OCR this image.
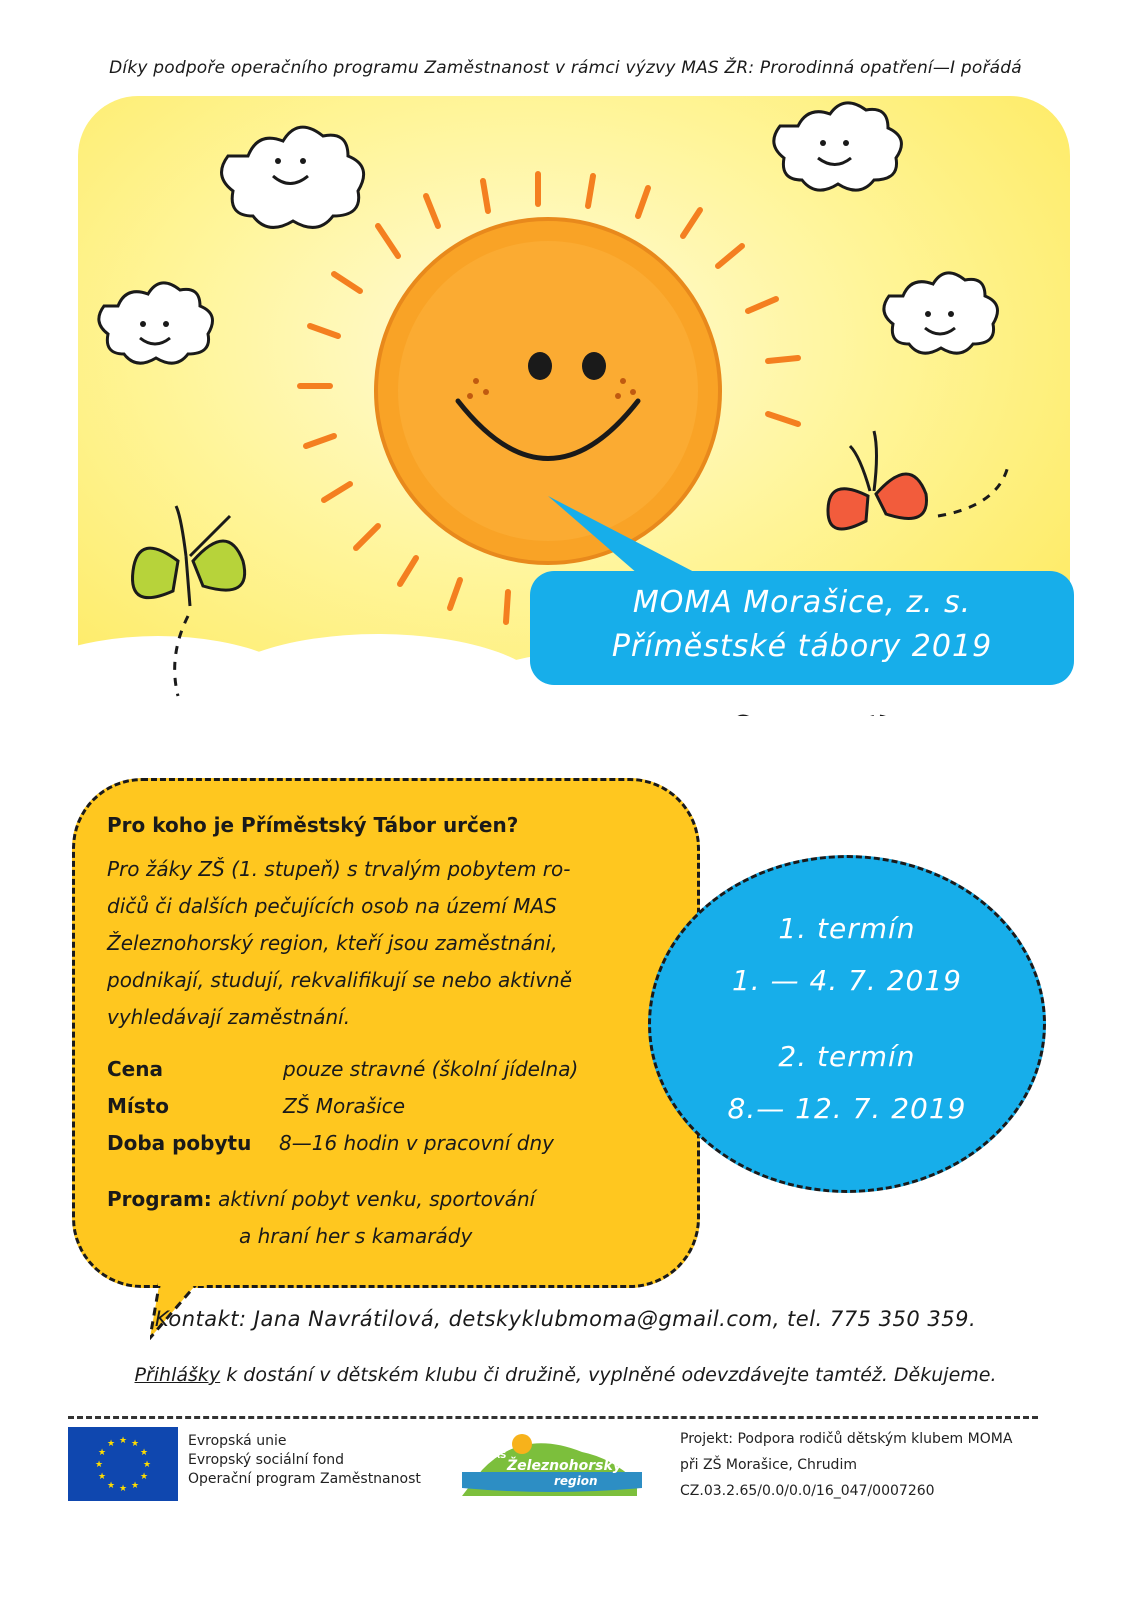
Díky podpoře operačního programu Zaměstnanost v rámci výzvy MAS ŽR: Prorodinná opatření—I pořádá
MOMA Morašice, z. s.
Příměstské tábory 2019
Pro koho je Příměstský Tábor určen?
Pro žáky ZŠ (1. stupeň) s trvalým pobytem ro-
dičů či dalších pečujících osob na území MAS
Železnohorský region, kteří jsou zaměstnáni,
podnikají, studují, rekvalifikují se nebo aktivně
vyhledávají zaměstnání.
Cena	pouze stravné (školní jídelna)
Místo	ZŠ Morašice
Doba pobytu 8—16 hodin v pracovní dny
Program: aktivní pobyt venku, sportování
a hraní her s kamarády
1. termín
1. — 4. 7. 2019
2. termín
8.— 12. 7. 2019
Kontakt: Jana Navrátilová, detskyklubmoma@gmail.com, tel. 775 350 359.
Přihlášky k dostání v dětském klubu či družině, vyplněné odevzdávejte tamtéž. Děkujeme.
★ ★
★
★
★
★
★
★
★
★
★
★	Evropská unie
Evropský sociální fond
Operační program Zaměstnanost
MAS
Železnohorský
region
Projekt: Podpora rodičů dětským klubem MOMA
při ZŠ Morašice, Chrudim
CZ.03.2.65/0.0/0.0/16_047/0007260
